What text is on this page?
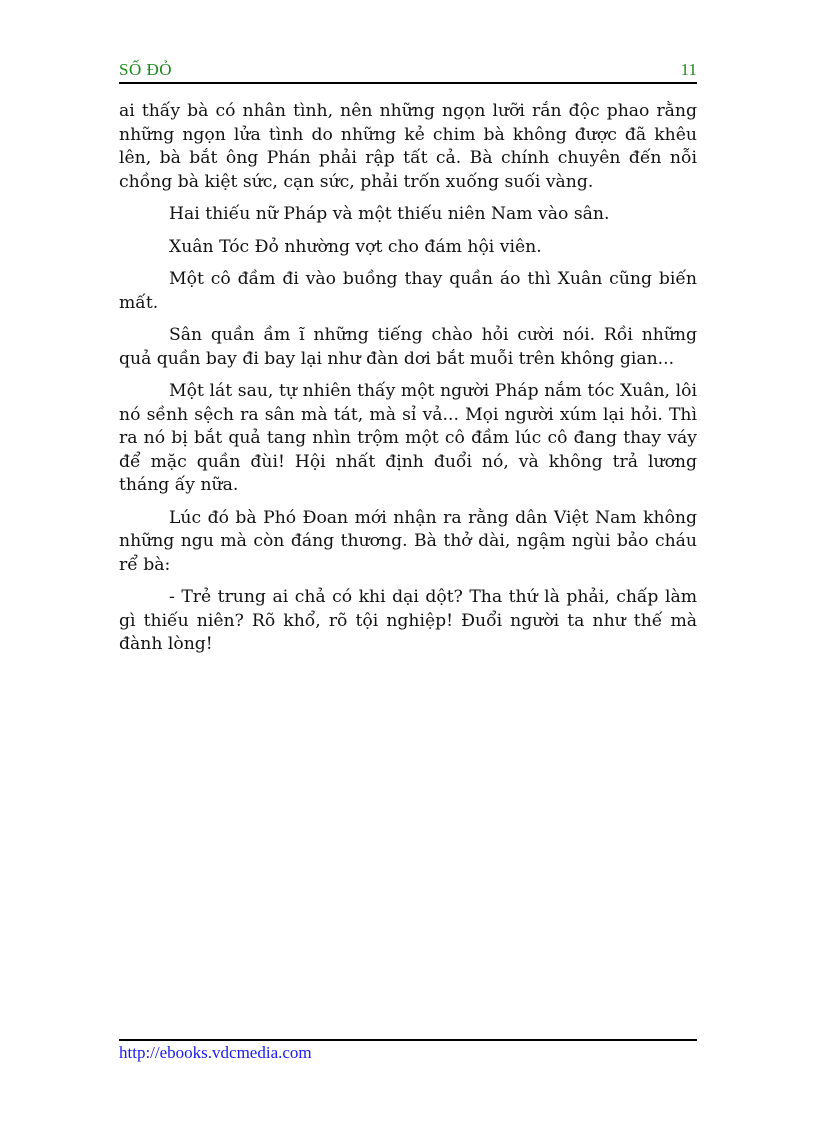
SỐ ĐỎ	11

ai thấy bà có nhân tình, nên những ngọn lưỡi rắn độc phao rằng những ngọn lửa tình do những kẻ chim bà không được đã khêu lên, bà bắt ông Phán phải rập tất cả. Bà chính chuyên đến nỗi chồng bà kiệt sức, cạn sức, phải trốn xuống suối vàng.

Hai thiếu nữ Pháp và một thiếu niên Nam vào sân.

Xuân Tóc Đỏ nhường vợt cho đám hội viên.

Một cô đầm đi vào buồng thay quần áo thì Xuân cũng biến mất.

Sân quần ầm ĩ những tiếng chào hỏi cười nói. Rồi những quả quần bay đi bay lại như đàn dơi bắt muỗi trên không gian...

Một lát sau, tự nhiên thấy một người Pháp nắm tóc Xuân, lôi nó sềnh sệch ra sân mà tát, mà sỉ vả... Mọi người xúm lại hỏi. Thì ra nó bị bắt quả tang nhìn trộm một cô đầm lúc cô đang thay váy để mặc quần đùi! Hội nhất định đuổi nó, và không trả lương tháng ấy nữa.

Lúc đó bà Phó Đoan mới nhận ra rằng dân Việt Nam không những ngu mà còn đáng thương. Bà thở dài, ngậm ngùi bảo cháu rể bà:

- Trẻ trung ai chả có khi dại dột? Tha thứ là phải, chấp làm gì thiếu niên? Rõ khổ, rõ tội nghiệp! Đuổi người ta như thế mà đành lòng!

http://ebooks.vdcmedia.com
